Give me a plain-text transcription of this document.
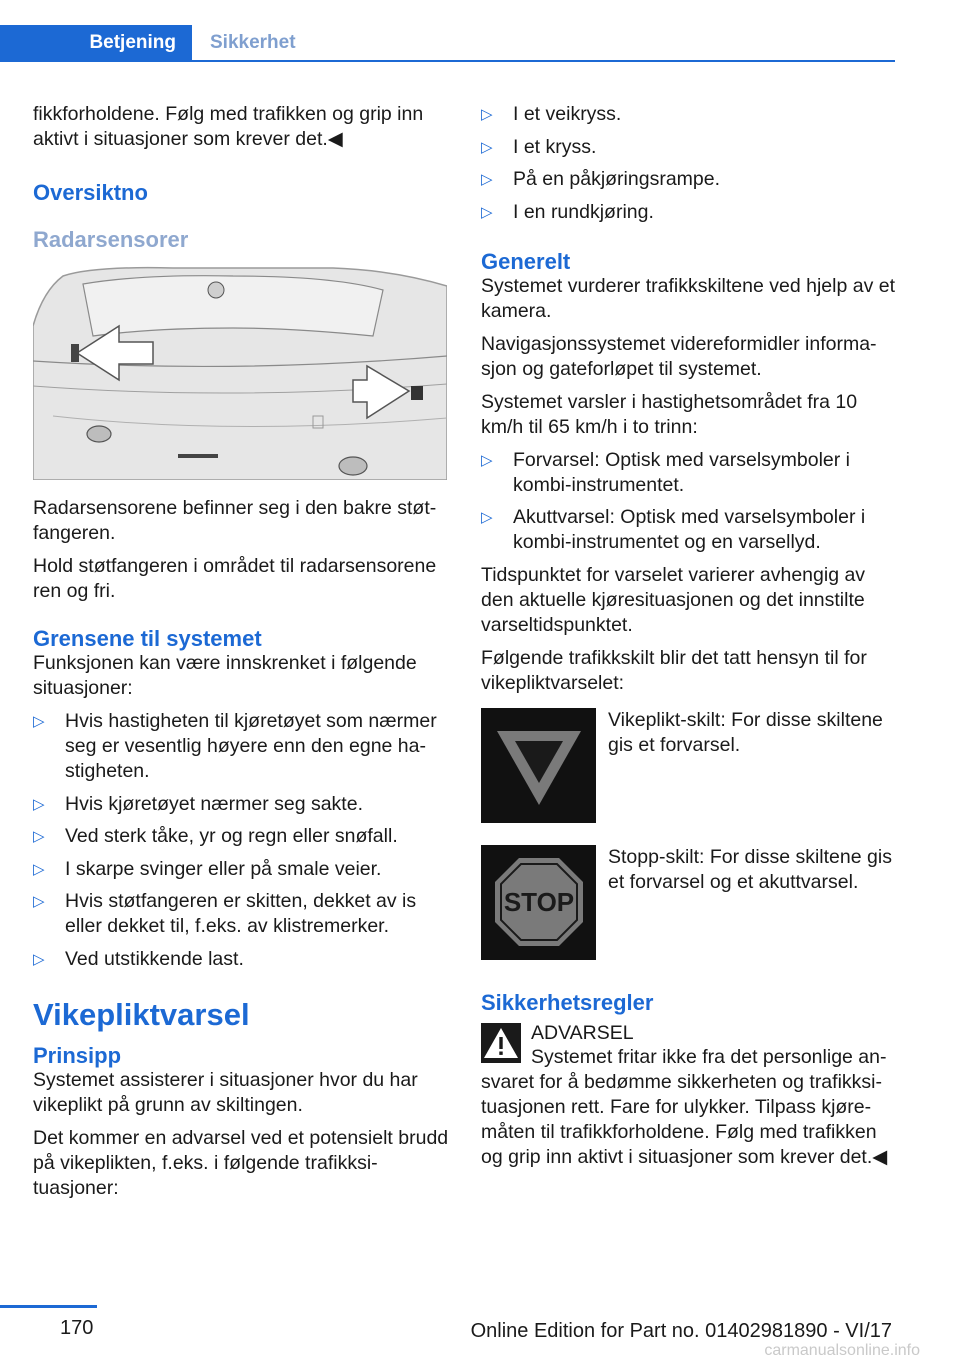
Betjening	Sikkerhet

fikkforholdene. Følg med trafikken og grip inn aktivt i situasjoner som krever det.◀

Oversiktno
Radarsensorer

Radarsensorene befinner seg i den bakre støt-fangeren.

Hold støtfangeren i området til radarsensorene ren og fri.

Grensene til systemet

Funksjonen kan være innskrenket i følgende situasjoner:

▷ Hvis hastigheten til kjøretøyet som nærmer seg er vesentlig høyere enn den egne ha-stigheten.
▷ Hvis kjøretøyet nærmer seg sakte.
▷ Ved sterk tåke, yr og regn eller snøfall.
▷ I skarpe svinger eller på smale veier.
▷ Hvis støtfangeren er skitten, dekket av is eller dekket til, f.eks. av klistremerker.
▷ Ved utstikkende last.
Vikepliktvarsel
Prinsipp

Systemet assisterer i situasjoner hvor du har vikeplikt på grunn av skiltingen.

Det kommer en advarsel ved et potensielt brudd på vikeplikten, f.eks. i følgende trafikksi-tuasjoner:

▷ I et veikryss.
▷ I et kryss.
▷ På en påkjøringsrampe.
▷ I en rundkjøring.
Generelt

Systemet vurderer trafikkskiltene ved hjelp av et kamera.

Navigasjonssystemet videreformidler informa-sjon og gateforløpet til systemet.

Systemet varsler i hastighetsområdet fra 10 km/h til 65 km/h i to trinn:

▷ Forvarsel: Optisk med varselsymboler i kombi-instrumentet.
▷ Akuttvarsel: Optisk med varselsymboler i kombi-instrumentet og en varsellyd.

Tidspunktet for varselet varierer avhengig av den aktuelle kjøresituasjonen og det innstilte varseltidspunktet.

Følgende trafikkskilt blir det tatt hensyn til for vikepliktvarselet:

Vikeplikt-skilt: For disse skiltene gis et forvarsel.
STOP
Stopp-skilt: For disse skiltene gis et forvarsel og et akuttvarsel.
Sikkerhetsregler
ADVARSEL

Systemet fritar ikke fra det personlige an-svaret for å bedømme sikkerheten og trafikksi-tuasjonen rett. Fare for ulykker. Tilpass kjøre-måten til trafikkforholdene. Følg med trafikken og grip inn aktivt i situasjoner som krever det.◀

170	Online Edition for Part no. 01402981890 - VI/17
carmanualsonline.info
